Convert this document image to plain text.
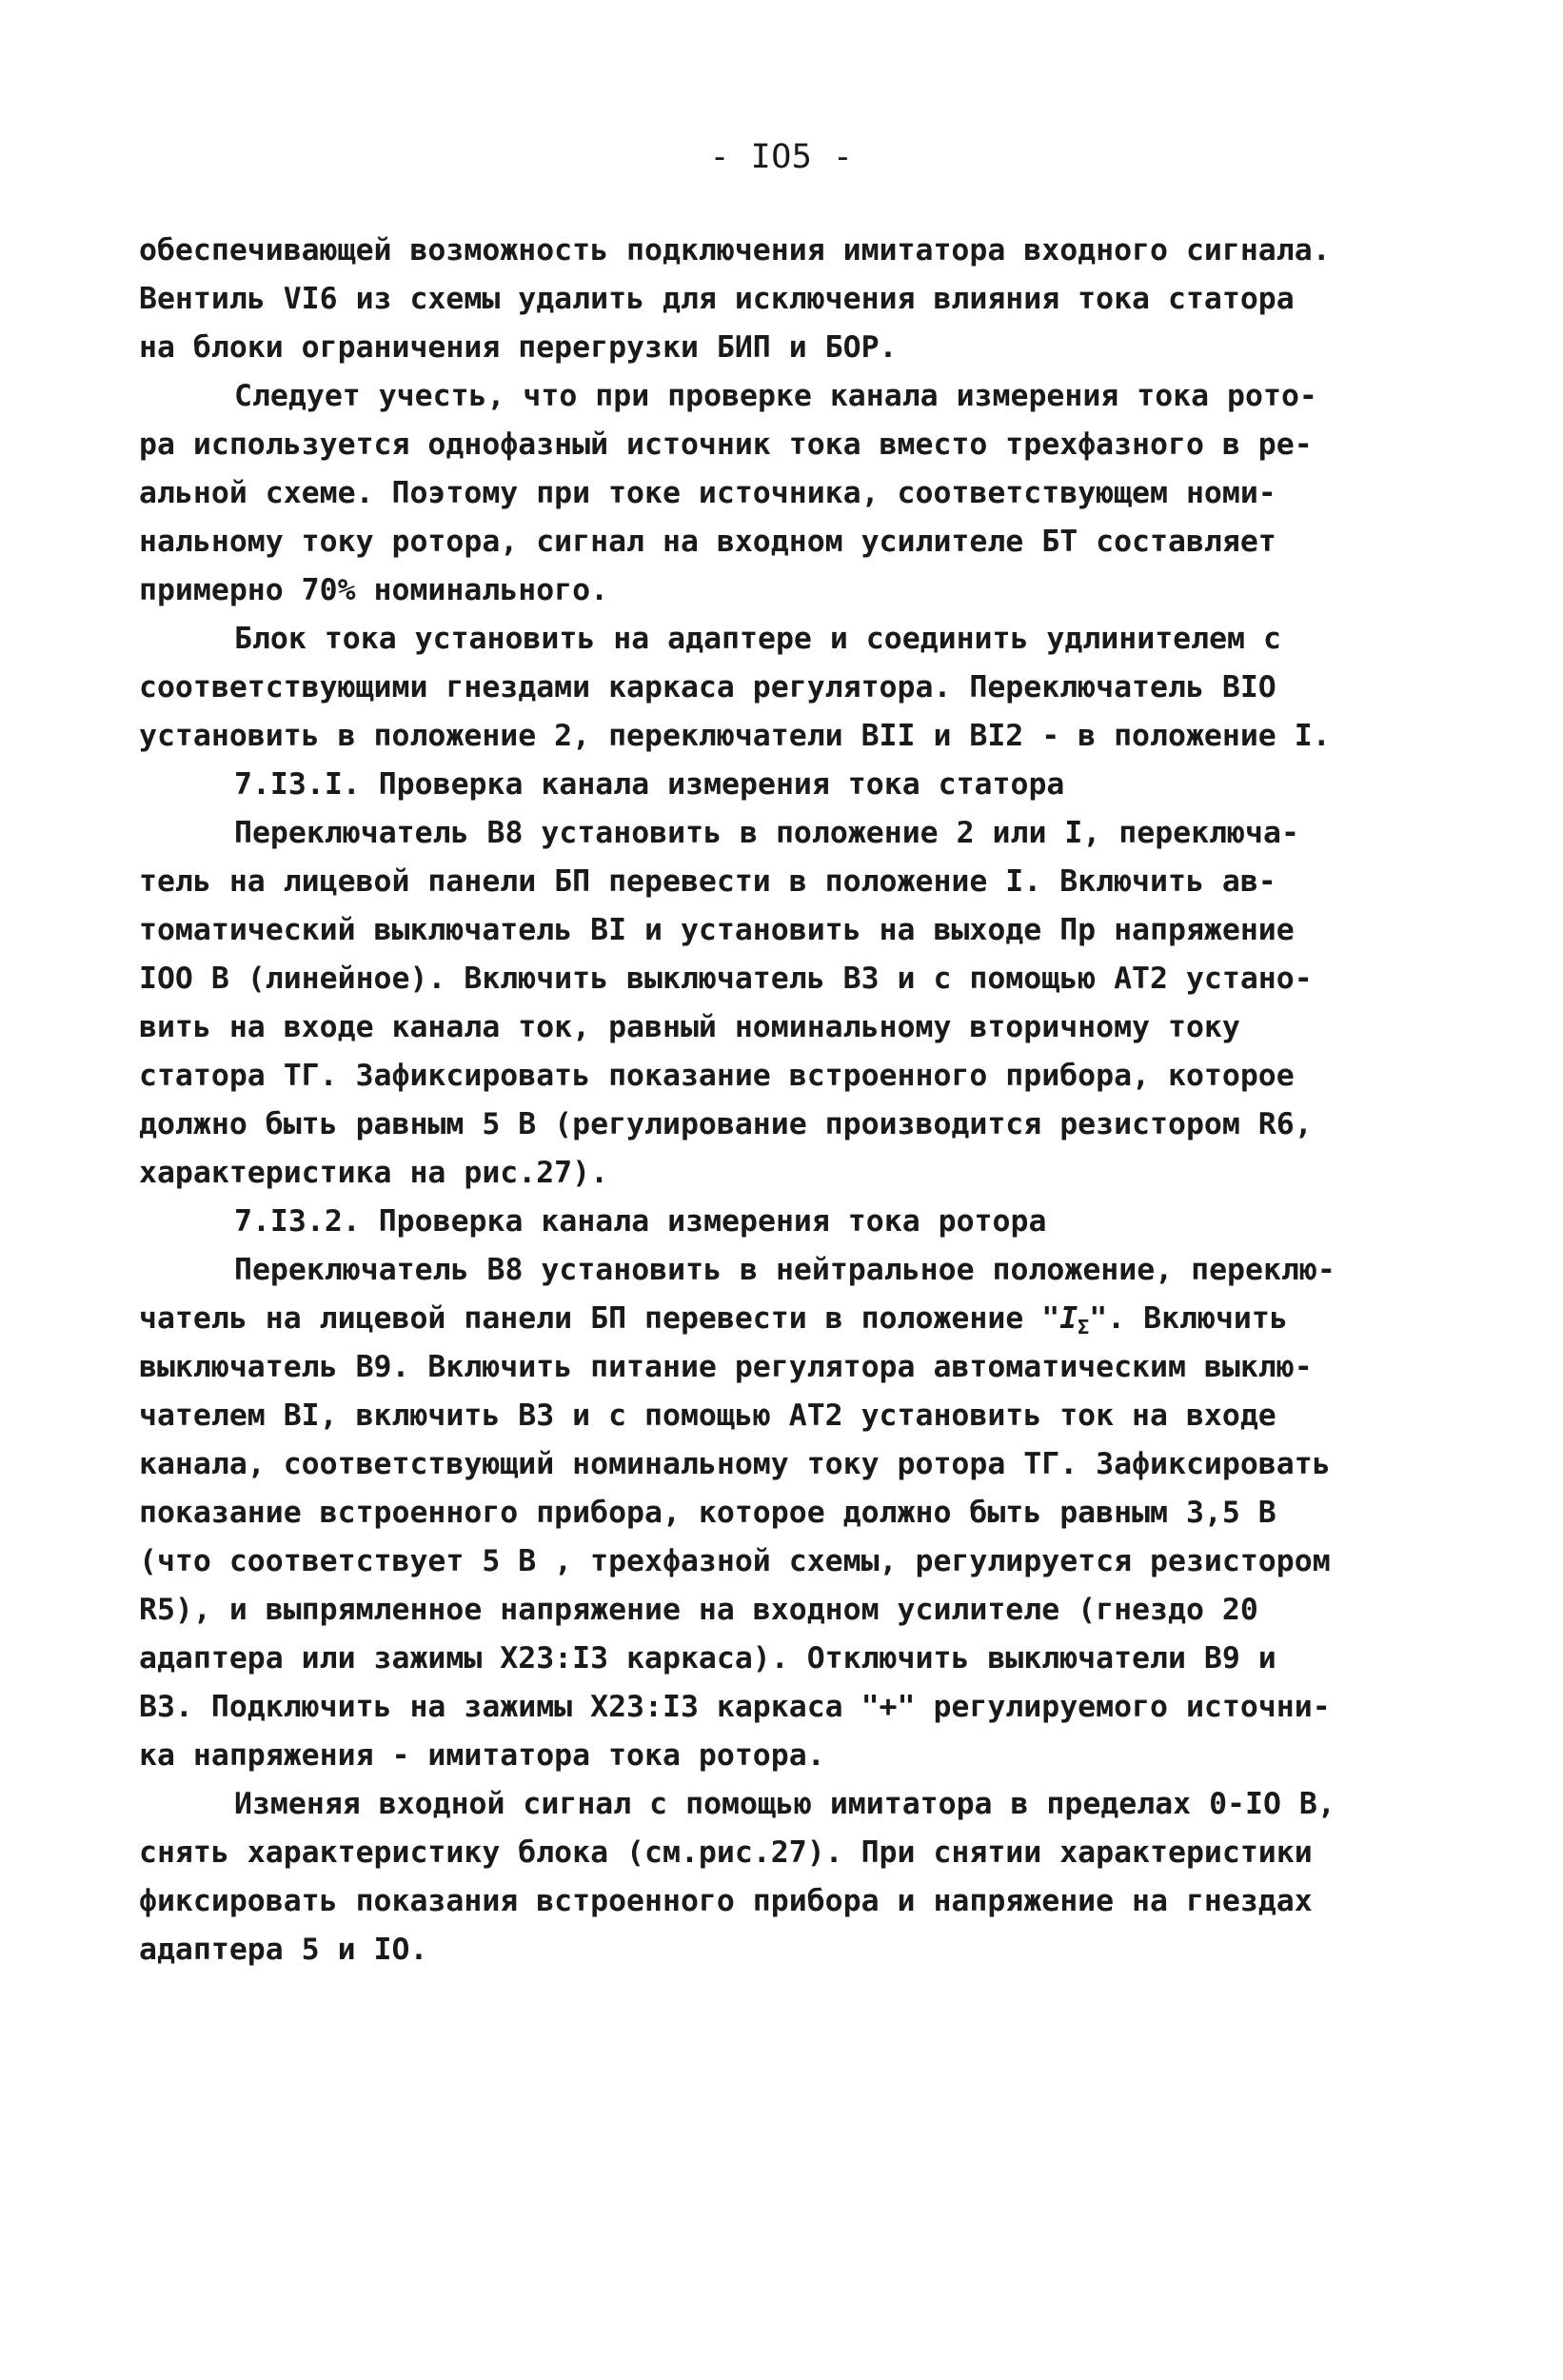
- IO5 -
обеспечивающей возможность подключения имитатора входного сигнала.
Вентиль VI6 из схемы удалить для исключения влияния тока статора
на блоки ограничения перегрузки БИП и БОР.
Следует учесть, что при проверке канала измерения тока рото-
ра используется однофазный источник тока вместо трехфазного в ре-
альной схеме. Поэтому при токе источника, соответствующем номи-
нальному току ротора, сигнал на входном усилителе БТ составляет
примерно 70% номинального.
Блок тока установить на адаптере и соединить удлинителем с
соответствующими гнездами каркаса регулятора. Переключатель BIO
установить в положение 2, переключатели BII и BI2 - в положение I.
7.I3.I. Проверка канала измерения тока статора
Переключатель B8 установить в положение 2 или I, переключа-
тель на лицевой панели БП перевести в положение I. Включить ав-
томатический выключатель BI и установить на выходе Пр напряжение
IOO B (линейное). Включить выключатель B3 и с помощью AT2 устано-
вить на входе канала ток, равный номинальному вторичному току
статора ТГ. Зафиксировать показание встроенного прибора, которое
должно быть равным 5 B (регулирование производится резистором R6,
характеристика на рис.27).
7.I3.2. Проверка канала измерения тока ротора
Переключатель B8 установить в нейтральное положение, переклю-
чатель на лицевой панели БП перевести в положение "$I_\Sigma$". Включить
выключатель B9. Включить питание регулятора автоматическим выклю-
чателем BI, включить B3 и с помощью AT2 установить ток на входе
канала, соответствующий номинальному току ротора ТГ. Зафиксировать
показание встроенного прибора, которое должно быть равным 3,5 B
(что соответствует 5 B , трехфазной схемы, регулируется резистором
R5), и выпрямленное напряжение на входном усилителе (гнездо 20
адаптера или зажимы X23:I3 каркаса). Отключить выключатели B9 и
B3. Подключить на зажимы X23:I3 каркаса "+" регулируемого источни-
ка напряжения - имитатора тока ротора.
Изменяя входной сигнал с помощью имитатора в пределах 0-IO B,
снять характеристику блока (см.рис.27). При снятии характеристики
фиксировать показания встроенного прибора и напряжение на гнездах
адаптера 5 и IO.
